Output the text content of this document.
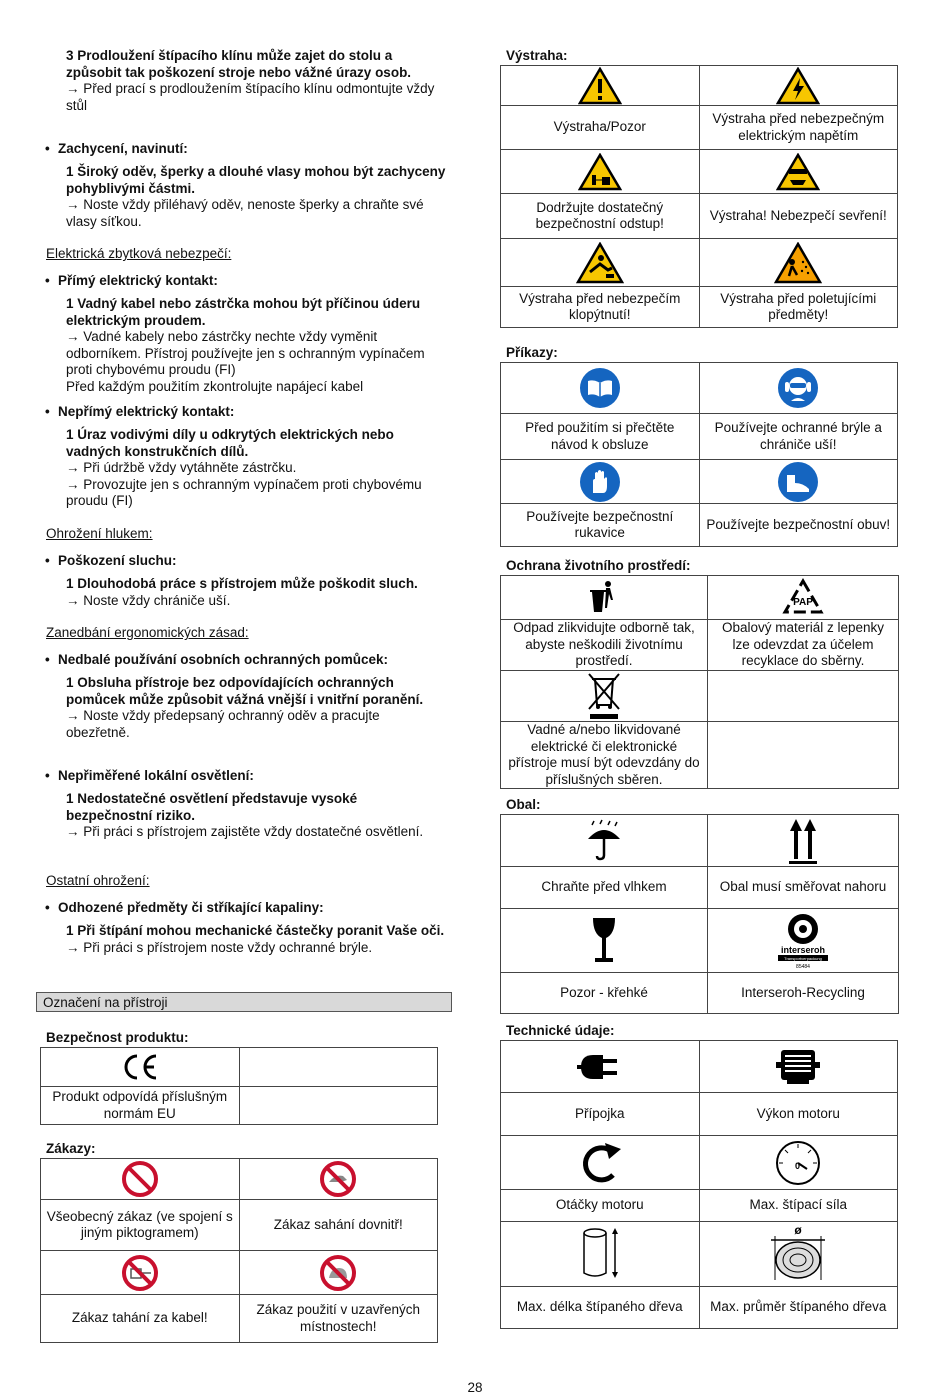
3 Prodloužení štípacího klínu může zajet do stolu a způsobit tak poškození stroje nebo vážné úrazy osob.
→ Před prací s prodloužením štípacího klínu odmontujte vždy stůl
• Zachycení, navinutí:
1 Široký oděv, šperky a dlouhé vlasy mohou být zachyceny pohyblivými částmi.
→ Noste vždy přiléhavý oděv, nenoste šperky a chraňte své vlasy síťkou.
Elektrická zbytková nebezpečí:
• Přímý elektrický kontakt:
1 Vadný kabel nebo zástrčka mohou být příčinou úderu elektrickým proudem.
→ Vadné kabely nebo zástrčky nechte vždy vyměnit odborníkem. Přístroj používejte jen s ochranným vypínačem proti chybovému proudu (FI)
Před každým použitím zkontrolujte napájecí kabel
• Nepřímý elektrický kontakt:
1 Úraz vodivými díly u odkrytých elektrických nebo vadných konstrukčních dílů.
→ Při údržbě vždy vytáhněte zástrčku.
→ Provozujte jen s ochranným vypínačem proti chybovému proudu (FI)
Ohrožení hlukem:
• Poškození sluchu:
1 Dlouhodobá práce s přístrojem může poškodit sluch.
→ Noste vždy chrániče uší.
Zanedbání ergonomických zásad:
• Nedbalé používání osobních ochranných pomůcek:
1 Obsluha přístroje bez odpovídajících ochranných pomůcek může způsobit vážná vnější i vnitřní poranění.
→ Noste vždy předepsaný ochranný oděv a pracujte obezřetně.
• Nepřiměřené lokální osvětlení:
1 Nedostatečné osvětlení představuje vysoké bezpečnostní riziko.
→ Při práci s přístrojem zajistěte vždy dostatečné osvětlení.
Ostatní ohrožení:
• Odhozené předměty či stříkající kapaliny:
1 Při štípání mohou mechanické částečky poranit Vaše oči.
→ Při práci s přístrojem noste vždy ochranné brýle.
Označení na přístroji
Bezpečnost produktu:

Produkt odpovídá příslušným normám EU	
Zákazy:

Všeobecný zákaz (ve spojení s jiným piktogramem)	Zákaz sahání dovnitř!

Zákaz tahání za kabel!	Zákaz použití v uzavřených místnostech!
Výstraha:

Výstraha/Pozor	Výstraha před nebezpečným elektrickým napětím

Dodržujte dostatečný bezpečnostní odstup!	Výstraha! Nebezpečí sevření!

Výstraha před nebezpečím klopýtnutí!	Výstraha před poletujícími předměty!
Příkazy:

Před použitím si přečtěte návod k obsluze	Používejte ochranné brýle a chrániče uší!

Používejte bezpečnostní rukavice	Používejte bezpečnostní obuv!
Ochrana životního prostředí:

PAP

Odpad zlikvidujte odborně tak, abyste neškodili životnímu prostředí.	Obalový materiál z lepenky lze odevzdat za účelem recyklace do sběrny.

Vadné a/nebo likvidované elektrické či elektronické přístroje musí být odevzdány do příslušných sběren.	
Obal:

Chraňte před vlhkem	Obal musí směřovat nahoru

interseroh
Transportverpackung
85484

Pozor - křehké	Interseroh-Recycling
Technické údaje:

Přípojka	Výkon motoru

0

Otáčky motoru	Max. štípací síla

ø

Max. délka štípaného dřeva	Max. průměr štípaného dřeva
28
